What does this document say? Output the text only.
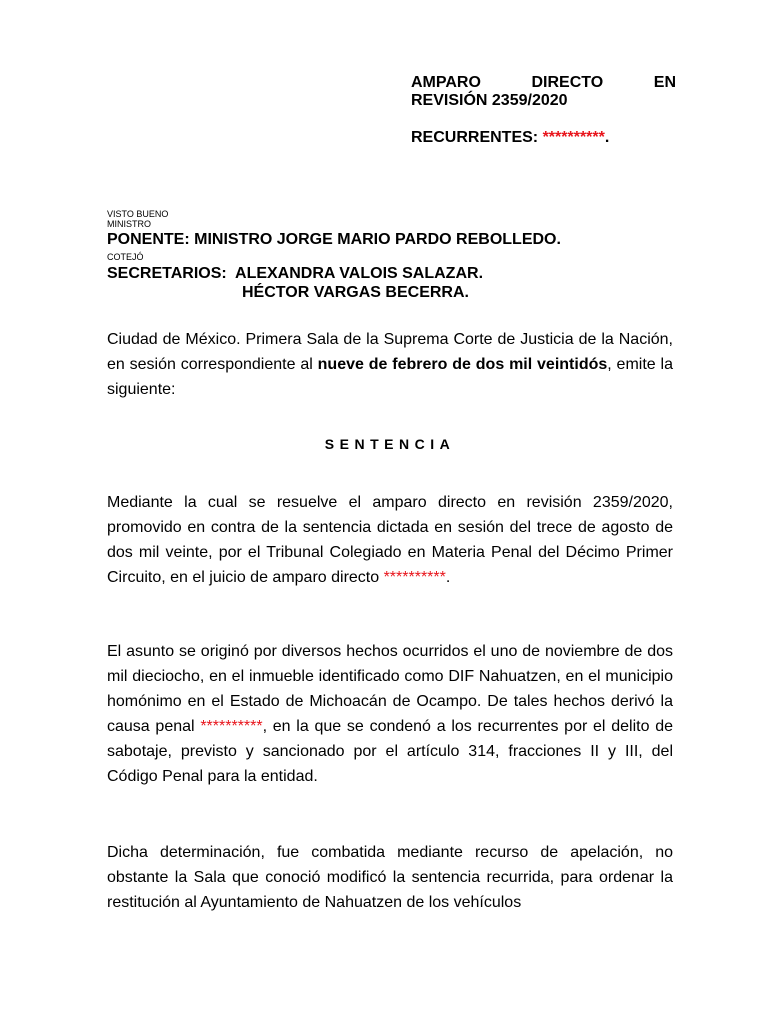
AMPARO	DIRECTO	EN
REVISIÓN 2359/2020
RECURRENTES: **********.
VISTO BUENO
MINISTRO
PONENTE: MINISTRO JORGE MARIO PARDO REBOLLEDO.
COTEJÓ
SECRETARIOS:  ALEXANDRA VALOIS SALAZAR.
HÉCTOR VARGAS BECERRA.

Ciudad de México. Primera Sala de la Suprema Corte de Justicia de la Nación, en sesión correspondiente al nueve de febrero de dos mil veintidós, emite la siguiente:

SENTENCIA

Mediante la cual se resuelve el amparo directo en revisión 2359/2020, promovido en contra de la sentencia dictada en sesión del trece de agosto de dos mil veinte, por el Tribunal Colegiado en Materia Penal del Décimo Primer Circuito, en el juicio de amparo directo **********.

El asunto se originó por diversos hechos ocurridos el uno de noviembre de dos mil dieciocho, en el inmueble identificado como DIF Nahuatzen, en el municipio homónimo en el Estado de Michoacán de Ocampo. De tales hechos derivó la causa penal **********, en la que se condenó a los recurrentes por el delito de sabotaje, previsto y sancionado por el artículo 314, fracciones II y III, del Código Penal para la entidad.

Dicha determinación, fue combatida mediante recurso de apelación, no obstante la Sala que conoció modificó la sentencia recurrida, para ordenar la restitución al Ayuntamiento de Nahuatzen de los vehículos
